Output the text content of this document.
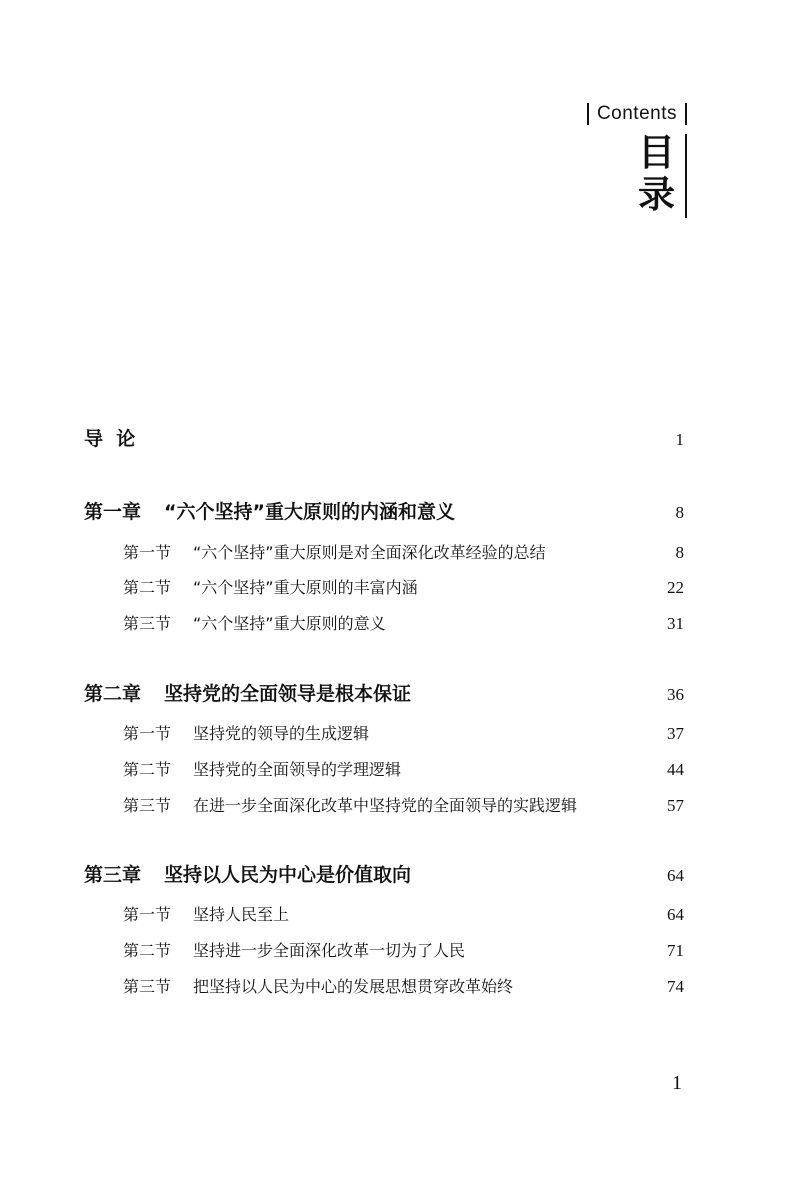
Contents
目
录
导  论	1
第一章 “六个坚持”重大原则的内涵和意义	8
第一节 “六个坚持”重大原则是对全面深化改革经验的总结	8
第二节 “六个坚持”重大原则的丰富内涵	22
第三节 “六个坚持”重大原则的意义	31
第二章 坚持党的全面领导是根本保证	36
第一节 坚持党的领导的生成逻辑	37
第二节 坚持党的全面领导的学理逻辑	44
第三节 在进一步全面深化改革中坚持党的全面领导的实践逻辑	57
第三章 坚持以人民为中心是价值取向	64
第一节 坚持人民至上	64
第二节 坚持进一步全面深化改革一切为了人民	71
第三节 把坚持以人民为中心的发展思想贯穿改革始终	74
1
